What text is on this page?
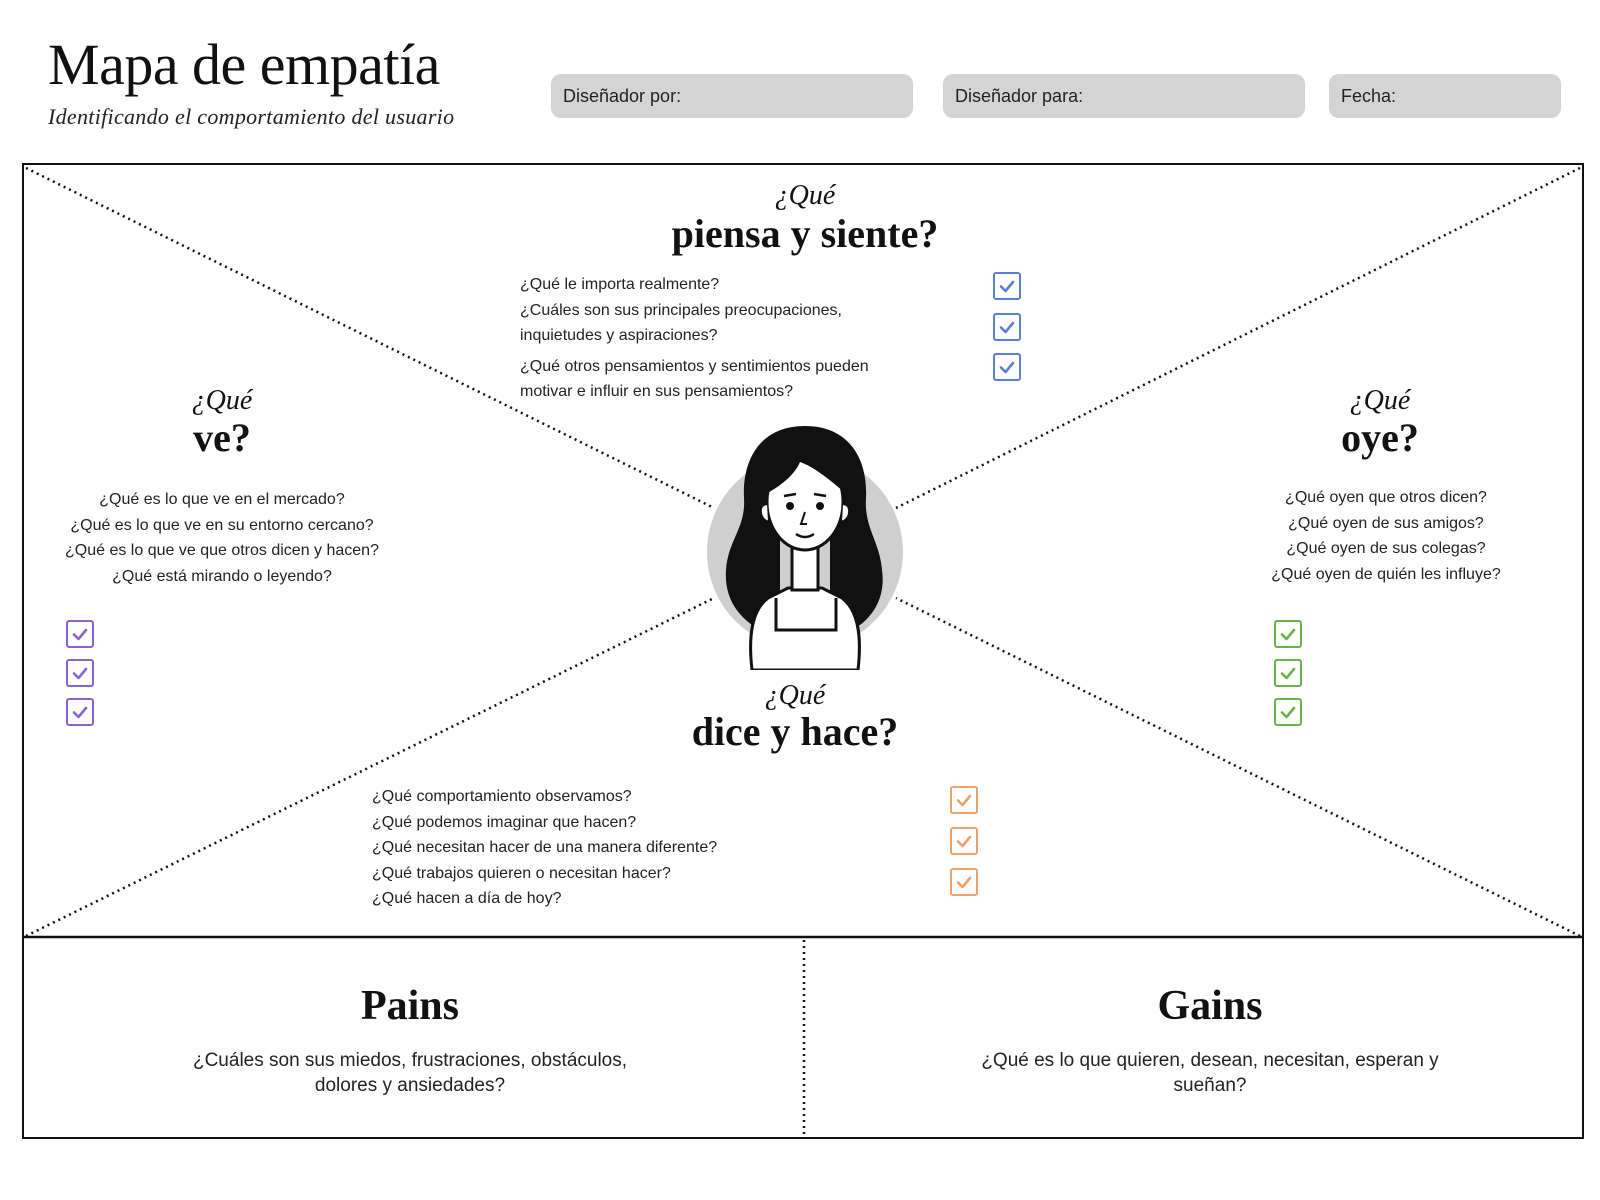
Mapa de empatía
Identificando el comportamiento del usuario
Diseñador por:	Diseñador para:	Fecha:
¿Qué
piensa y siente?
¿Qué le importa realmente?
¿Cuáles son sus principales preocupaciones,
inquietudes y aspiraciones?
¿Qué otros pensamientos y sentimientos pueden
motivar e influir en sus pensamientos?
¿Qué
ve?
¿Qué es lo que ve en el mercado?
¿Qué es lo que ve en su entorno cercano?
¿Qué es lo que ve que otros dicen y hacen?
¿Qué está mirando o leyendo?
¿Qué
oye?
¿Qué oyen que otros dicen?
¿Qué oyen de sus amigos?
¿Qué oyen de sus colegas?
¿Qué oyen de quién les influye?
¿Qué
dice y hace?
¿Qué comportamiento observamos?
¿Qué podemos imaginar que hacen?
¿Qué necesitan hacer de una manera diferente?
¿Qué trabajos quieren o necesitan hacer?
¿Qué hacen a día de hoy?
Pains
¿Cuáles son sus miedos, frustraciones, obstáculos,
dolores y ansiedades?
Gains
¿Qué es lo que quieren, desean, necesitan, esperan y
sueñan?
